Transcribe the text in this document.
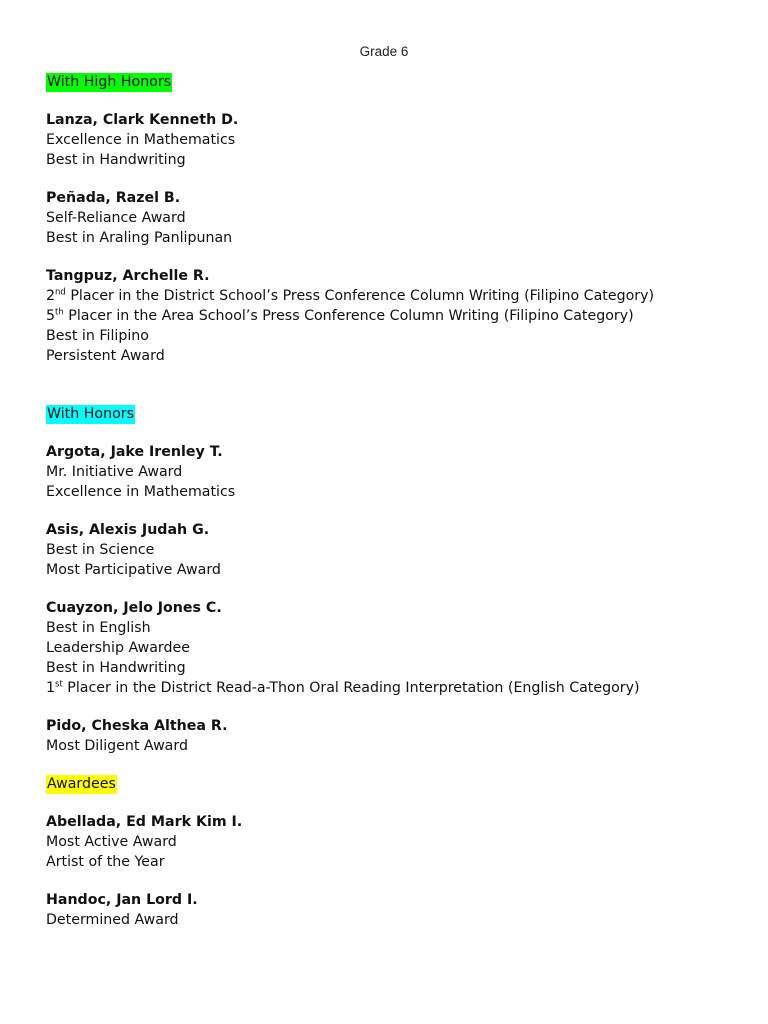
Grade 6
With High Honors
Lanza, Clark Kenneth D.
Excellence in Mathematics
Best in Handwriting
Peñada, Razel B.
Self-Reliance Award
Best in Araling Panlipunan
Tangpuz, Archelle R.
2nd Placer in the District School’s Press Conference Column Writing (Filipino Category)
5th Placer in the Area School’s Press Conference Column Writing (Filipino Category)
Best in Filipino
Persistent Award
With Honors
Argota, Jake Irenley T.
Mr. Initiative Award
Excellence in Mathematics
Asis, Alexis Judah G.
Best in Science
Most Participative Award
Cuayzon, Jelo Jones C.
Best in English
Leadership Awardee
Best in Handwriting
1st Placer in the District Read-a-Thon Oral Reading Interpretation (English Category)
Pido, Cheska Althea R.
Most Diligent Award
Awardees
Abellada, Ed Mark Kim I.
Most Active Award
Artist of the Year
Handoc, Jan Lord I.
Determined Award
